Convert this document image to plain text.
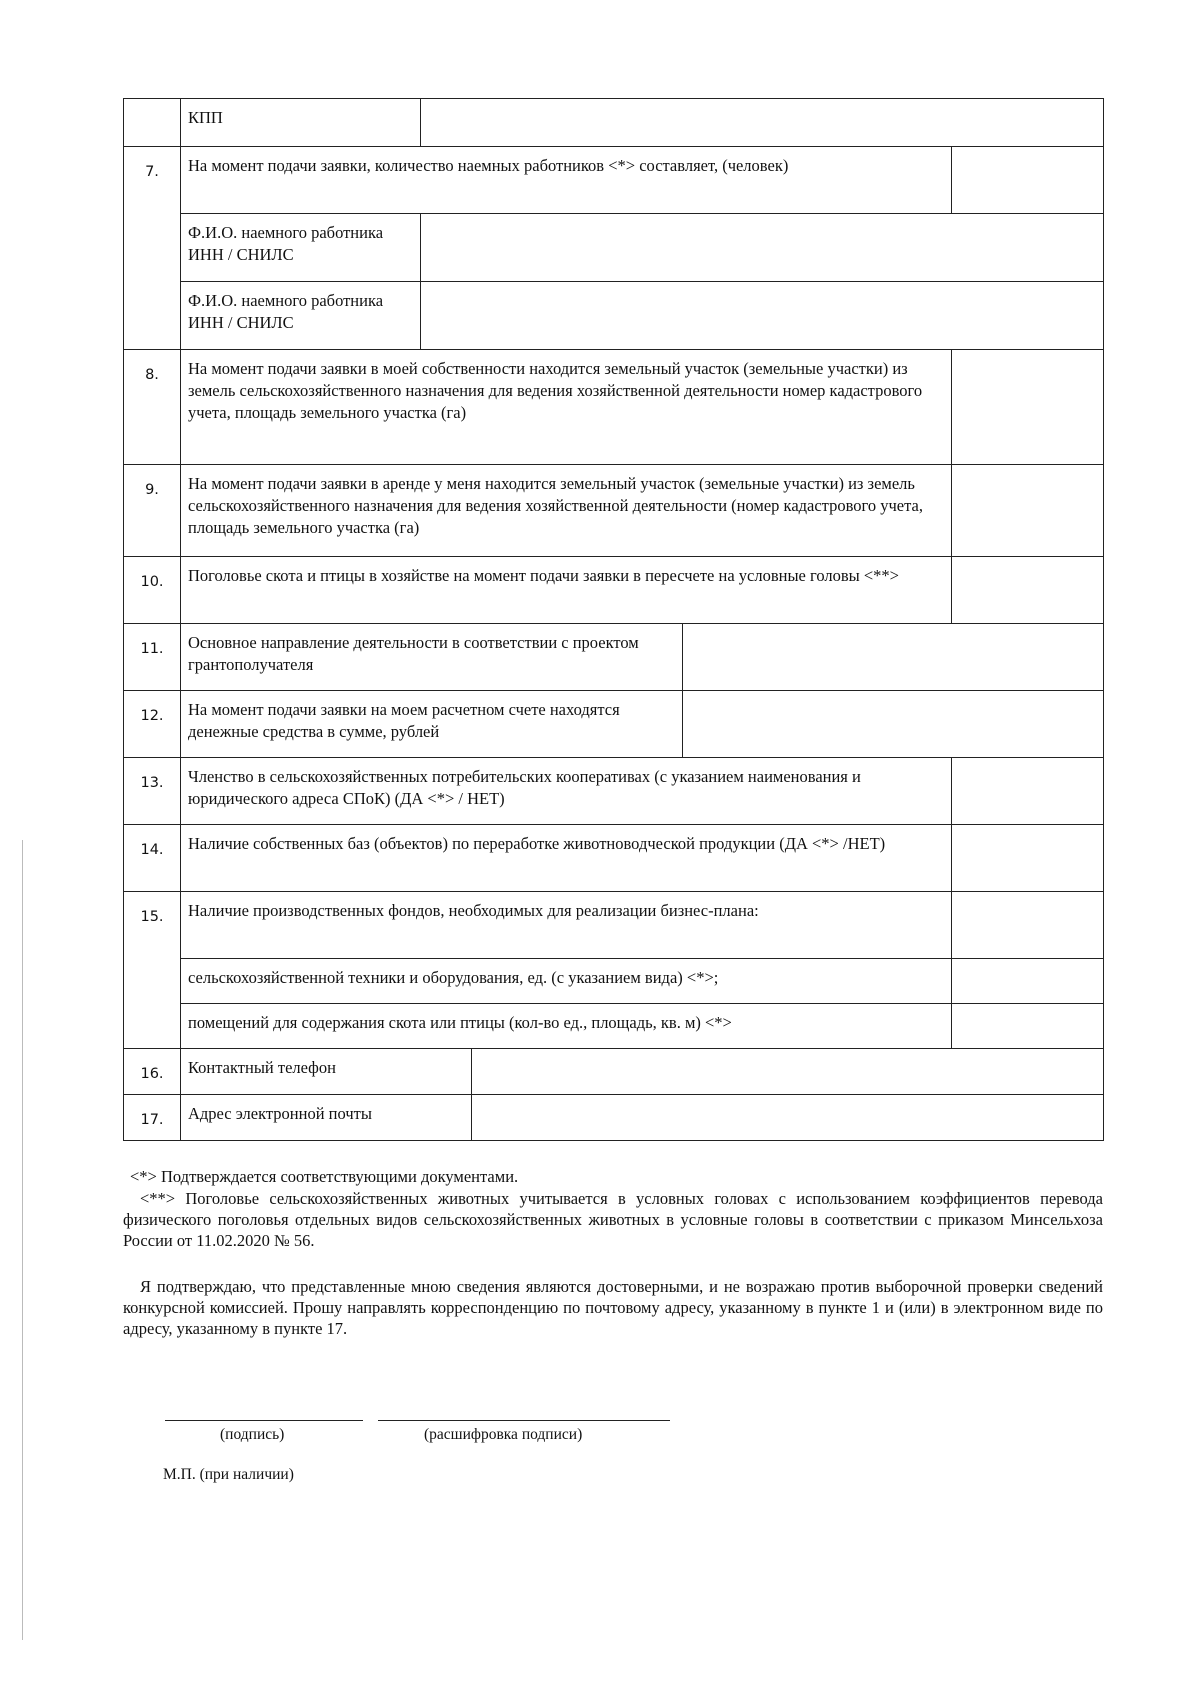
	КПП				
7.	На момент подачи заявки, количество наемных работников <*> составляет, (человек)				
	Ф.И.О. наемного работника ИНН / СНИЛС				
	Ф.И.О. наемного работника ИНН / СНИЛС				
8.	На момент подачи заявки в моей собственности находится земельный участок (земельные участки) из земель сельскохозяйственного назначения для ведения хозяйственной деятельности номер кадастрового учета, площадь земельного участка (га)				
9.	На момент подачи заявки в аренде у меня находится земельный участок (земельные участки) из земель сельскохозяйственного назначения для ведения хозяйственной деятельности (номер кадастрового учета, площадь земельного участка (га)				
10.	Поголовье скота и птицы в хозяйстве на момент подачи заявки в пересчете на условные головы <**>				
11.	Основное направление деятельности в соответствии с проектом грантополучателя				
12.	На момент подачи заявки на моем расчетном счете находятся денежные средства в сумме, рублей				
13.	Членство в сельскохозяйственных потребительских кооперативах (с указанием наименования и юридического адреса СПоК) (ДА <*> / НЕТ)				
14.	Наличие собственных баз (объектов) по переработке животноводческой продукции (ДА <*> /НЕТ)				
15.	Наличие производственных фондов, необходимых для реализации бизнес-плана:				
	сельскохозяйственной техники и оборудования, ед. (с указанием вида) <*>;				
	помещений для содержания скота или птицы (кол-во ед., площадь, кв. м) <*>				
16.	Контактный телефон				
17.	Адрес электронной почты				
<*> Подтверждается соответствующими документами.
<**> Поголовье сельскохозяйственных животных учитывается в условных головах с использованием коэффициентов перевода физического поголовья отдельных видов сельскохозяйственных животных в условные головы в соответствии с приказом Минсельхоза России от 11.02.2020 № 56.
Я подтверждаю, что представленные мною сведения являются достоверными, и не возражаю против выборочной проверки сведений конкурсной комиссией. Прошу направлять корреспонденцию по почтовому адресу, указанному в пункте 1 и (или) в электронном виде по адресу, указанному в пункте 17.
(подпись)	(расшифровка подписи)
М.П. (при наличии)
